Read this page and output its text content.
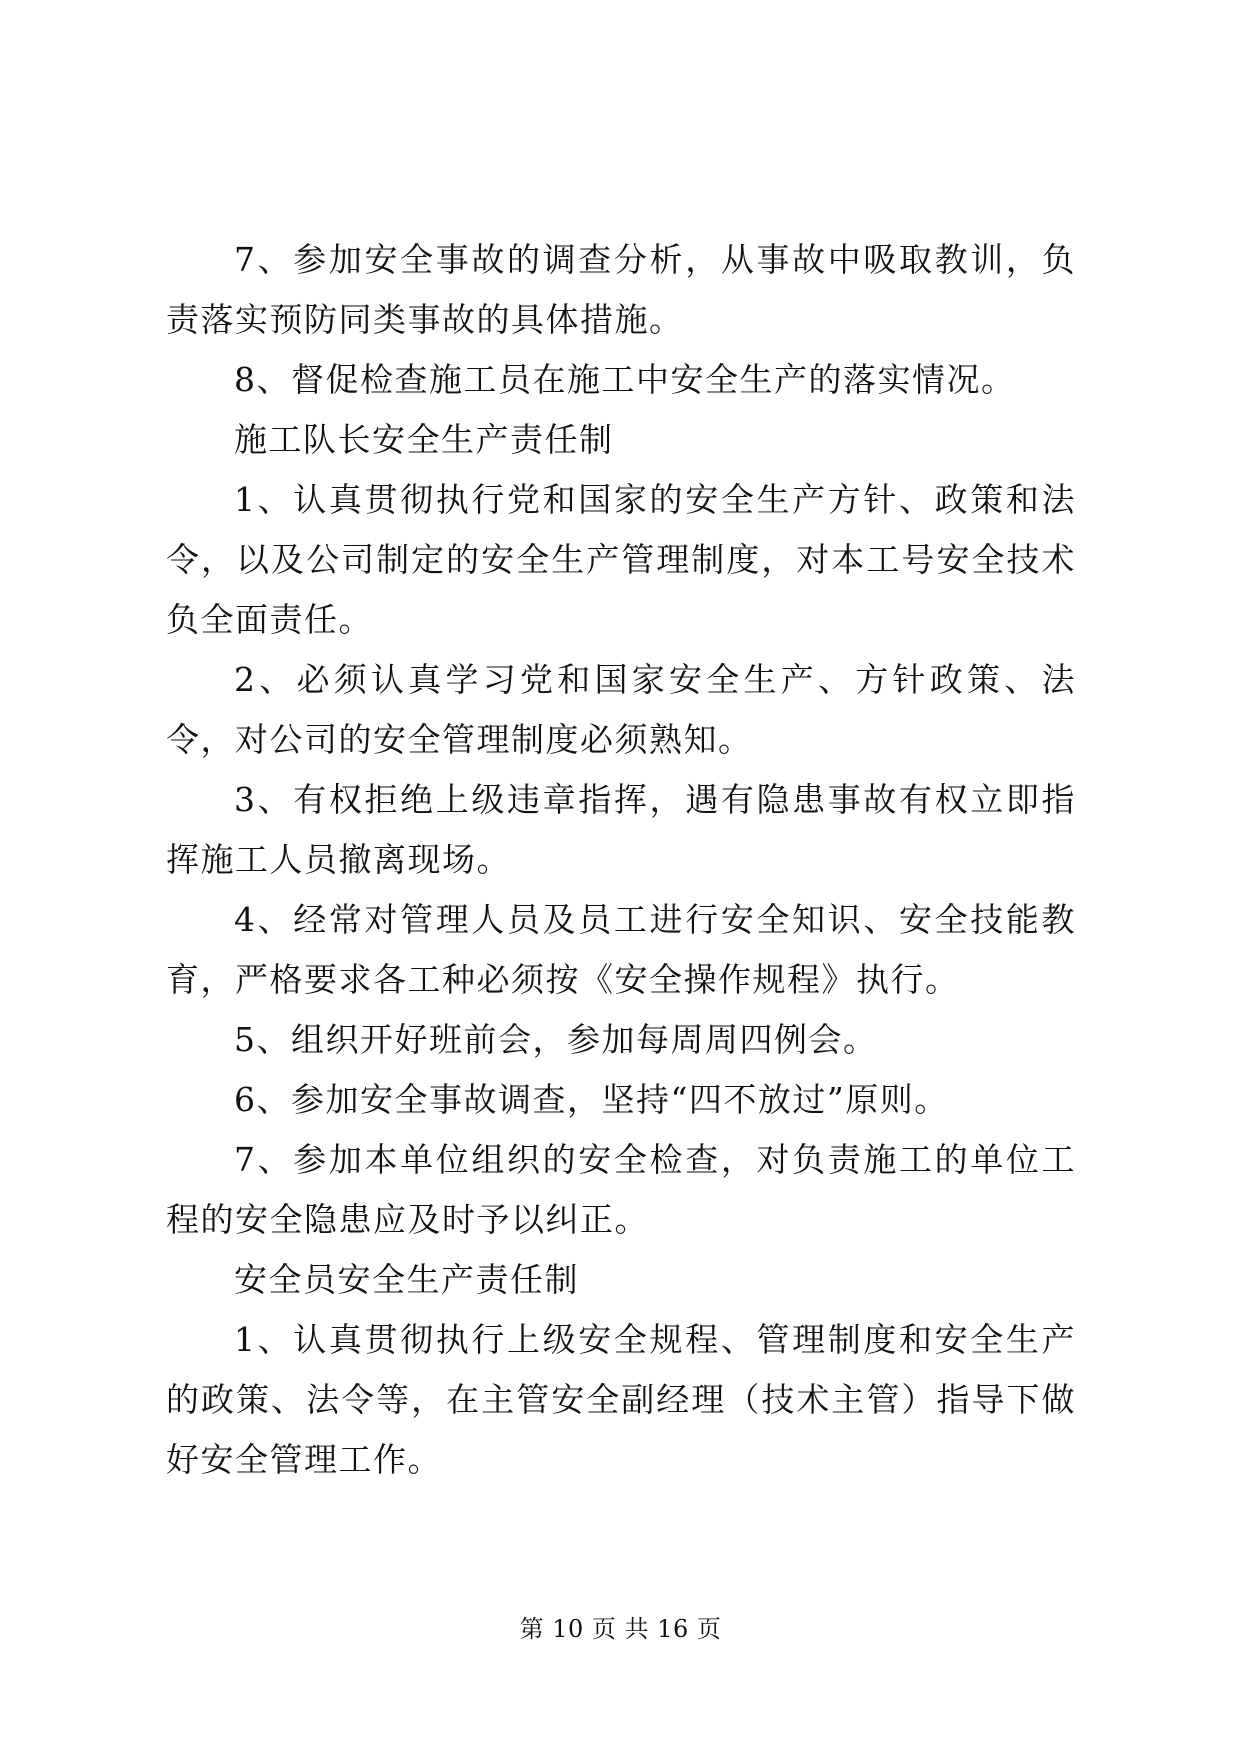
7、参加安全事故的调查分析，从事故中吸取教训，负责落实预防同类事故的具体措施。

8、督促检查施工员在施工中安全生产的落实情况。

施工队长安全生产责任制

1、认真贯彻执行党和国家的安全生产方针、政策和法令，以及公司制定的安全生产管理制度，对本工号安全技术负全面责任。

2、必须认真学习党和国家安全生产、方针政策、法令，对公司的安全管理制度必须熟知。

3、有权拒绝上级违章指挥，遇有隐患事故有权立即指挥施工人员撤离现场。

4、经常对管理人员及员工进行安全知识、安全技能教育，严格要求各工种必须按《安全操作规程》执行。

5、组织开好班前会，参加每周周四例会。

6、参加安全事故调查，坚持“四不放过”原则。

7、参加本单位组织的安全检查，对负责施工的单位工程的安全隐患应及时予以纠正。

安全员安全生产责任制

1、认真贯彻执行上级安全规程、管理制度和安全生产的政策、法令等，在主管安全副经理（技术主管）指导下做好安全管理工作。

第 10 页 共 16 页
